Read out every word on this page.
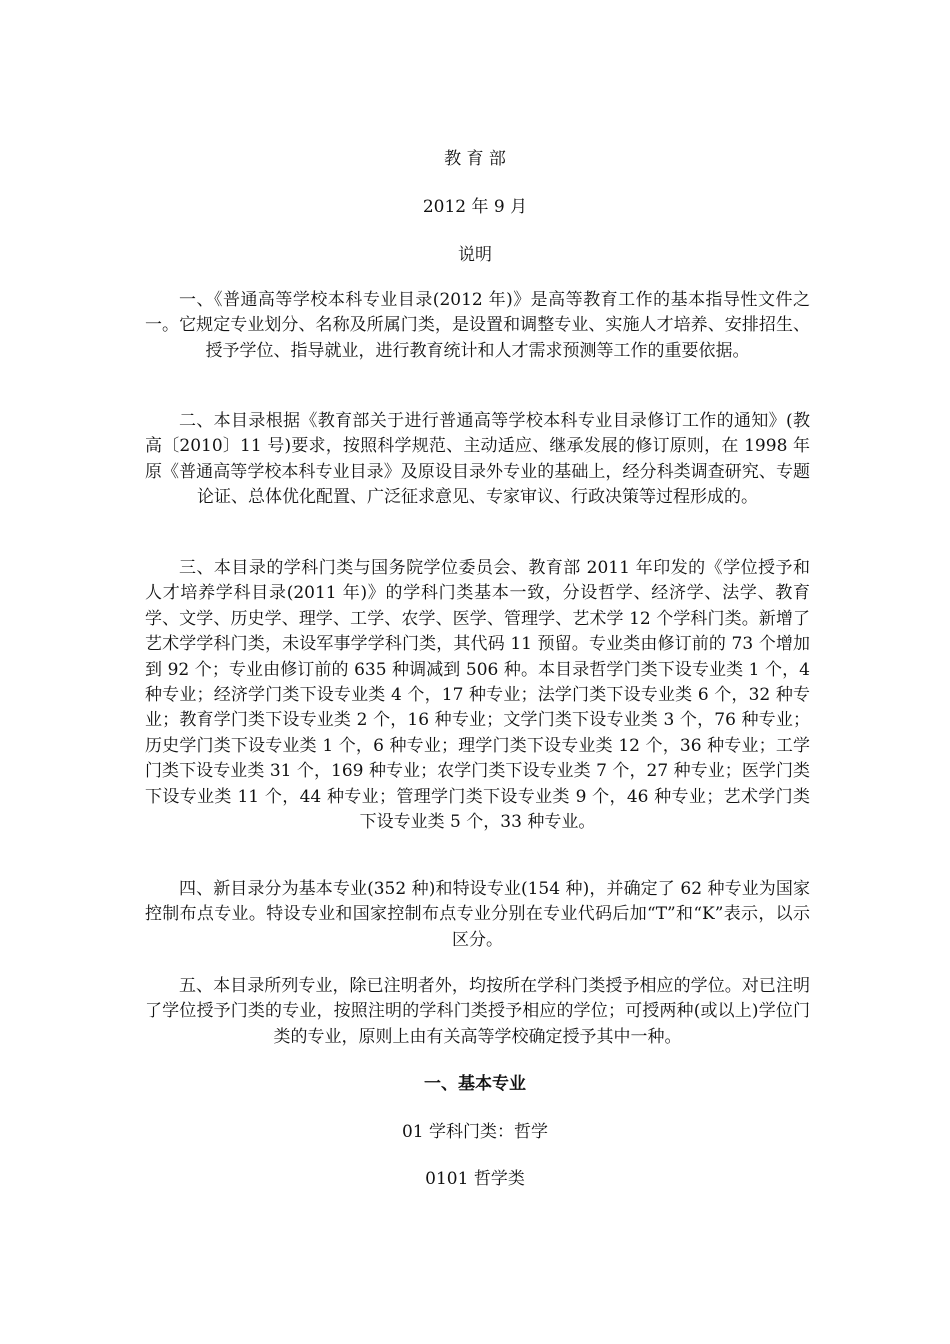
教 育 部
2012 年 9 月
说明
一、《普通高等学校本科专业目录(2012 年)》是高等教育工作的基本指导性文件之一。它规定专业划分、名称及所属门类，是设置和调整专业、实施人才培养、安排招生、授予学位、指导就业，进行教育统计和人才需求预测等工作的重要依据。
二、本目录根据《教育部关于进行普通高等学校本科专业目录修订工作的通知》(教高〔2010〕11 号)要求，按照科学规范、主动适应、继承发展的修订原则，在 1998 年原《普通高等学校本科专业目录》及原设目录外专业的基础上，经分科类调查研究、专题论证、总体优化配置、广泛征求意见、专家审议、行政决策等过程形成的。
三、本目录的学科门类与国务院学位委员会、教育部 2011 年印发的《学位授予和人才培养学科目录(2011 年)》的学科门类基本一致，分设哲学、经济学、法学、教育学、文学、历史学、理学、工学、农学、医学、管理学、艺术学 12 个学科门类。新增了艺术学学科门类，未设军事学学科门类，其代码 11 预留。专业类由修订前的 73 个增加到 92 个；专业由修订前的 635 种调减到 506 种。本目录哲学门类下设专业类 1 个，4 种专业；经济学门类下设专业类 4 个，17 种专业；法学门类下设专业类 6 个，32 种专业；教育学门类下设专业类 2 个，16 种专业；文学门类下设专业类 3 个，76 种专业；历史学门类下设专业类 1 个，6 种专业；理学门类下设专业类 12 个，36 种专业；工学门类下设专业类 31 个，169 种专业；农学门类下设专业类 7 个，27 种专业；医学门类下设专业类 11 个，44 种专业；管理学门类下设专业类 9 个，46 种专业；艺术学门类下设专业类 5 个，33 种专业。
四、新目录分为基本专业(352 种)和特设专业(154 种)，并确定了 62 种专业为国家控制布点专业。特设专业和国家控制布点专业分别在专业代码后加“T”和“K”表示，以示区分。
五、本目录所列专业，除已注明者外，均按所在学科门类授予相应的学位。对已注明了学位授予门类的专业，按照注明的学科门类授予相应的学位；可授两种(或以上)学位门类的专业，原则上由有关高等学校确定授予其中一种。
一、基本专业
01 学科门类：哲学
0101 哲学类
